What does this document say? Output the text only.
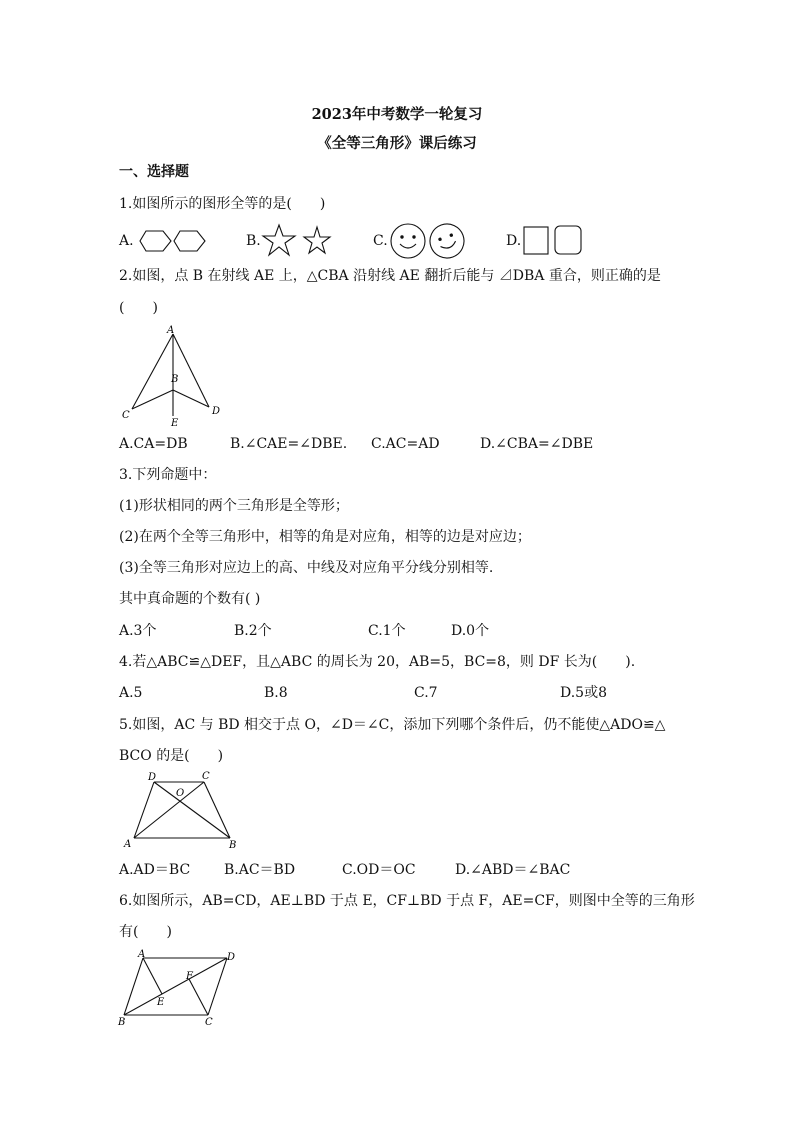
2023年中考数学一轮复习
《全等三角形》课后练习
一、选择题
1.如图所示的图形全等的是(　　)
A.	B.	C.	D.
2.如图，点 B 在射线 AE 上，△CBA 沿射线 AE 翻折后能与 ⊿DBA 重合，则正确的是
(　　)
A
B
C	D
E
A.CA=DB	B.∠CAE=∠DBE. C.AC=AD	D.∠CBA=∠DBE
3.下列命题中：
(1)形状相同的两个三角形是全等形；
(2)在两个全等三角形中，相等的角是对应角，相等的边是对应边；
(3)全等三角形对应边上的高、中线及对应角平分线分别相等.
其中真命题的个数有( )
A.3个	B.2个	C.1个	D.0个
4.若△ABC≌△DEF，且△ABC 的周长为 20，AB=5，BC=8，则 DF 长为(　　).
A.5	B.8	C.7	D.5或8
5.如图，AC 与 BD 相交于点 O，∠D＝∠C，添加下列哪个条件后，仍不能使△ADO≌△
BCO 的是(　　)
D	C
O
A	B
A.AD＝BC B.AC＝BD	C.OD＝OC	D.∠ABD＝∠BAC
6.如图所示，AB=CD，AE⊥BD 于点 E，CF⊥BD 于点 F，AE=CF，则图中全等的三角形
有(　　)
A	D
F
E
B	C
